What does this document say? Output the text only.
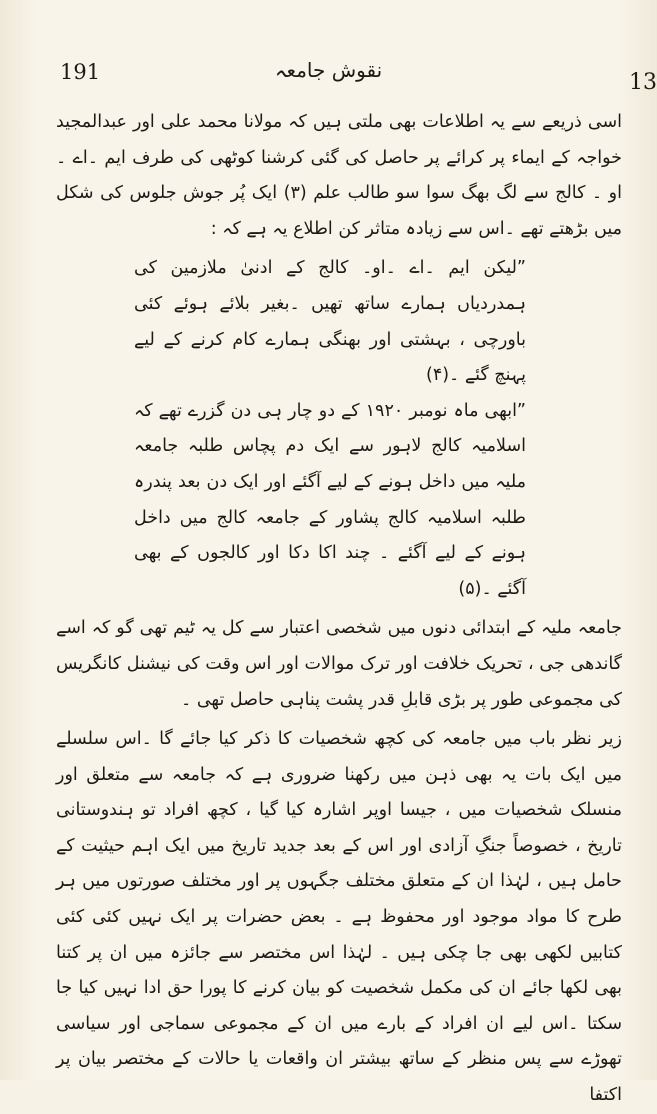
191	نقوش جامعہ	13

اسی ذریعے سے یہ اطلاعات بھی ملتی ہیں کہ مولانا محمد علی اور عبدالمجید خواجہ کے ایماء پر کرائے پر حاصل کی گئی کرشنا کوٹھی کی طرف ایم ۔اے ۔او ۔ کالج سے لگ بھگ سوا سو طالب علم (۳) ایک پُر جوش جلوس کی شکل میں بڑھتے تھے ۔اس سے زیادہ متاثر کن اطلاع یہ ہے کہ :

”لیکن ایم ۔اے ۔او۔ کالج کے ادنیٰ ملازمین کی ہمدردیاں ہمارے ساتھ تھیں ۔بغیر بلائے ہوئے کئی باورچی ، بہشتی اور بھنگی ہمارے کام کرنے کے لیے پہنچ گئے ۔(۴)

”ابھی ماہ نومبر ۱۹۲۰ کے دو چار ہی دن گزرے تھے کہ اسلامیہ کالج لاہور سے ایک دم پچاس طلبہ جامعہ ملیہ میں داخل ہونے کے لیے آگئے اور ایک دن بعد پندرہ طلبہ اسلامیہ کالج پشاور کے جامعہ کالج میں داخل ہونے کے لیے آگئے ۔ چند اکا دکا اور کالجوں کے بھی آگئے ۔(۵)

جامعہ ملیہ کے ابتدائی دنوں میں شخصی اعتبار سے کل یہ ٹیم تھی گو کہ اسے گاندھی جی ، تحریک خلافت اور ترک موالات اور اس وقت کی نیشنل کانگریس کی مجموعی طور پر بڑی قابلِ قدر پشت پناہی حاصل تھی ۔

زیر نظر باب میں جامعہ کی کچھ شخصیات کا ذکر کیا جائے گا ۔اس سلسلے میں ایک بات یہ بھی ذہن میں رکھنا ضروری ہے کہ جامعہ سے متعلق اور منسلک شخصیات میں ، جیسا اوپر اشارہ کیا گیا ، کچھ افراد تو ہندوستانی تاریخ ، خصوصاً جنگِ آزادی اور اس کے بعد جدید تاریخ میں ایک اہم حیثیت کے حامل ہیں ، لہٰذا ان کے متعلق مختلف جگہوں پر اور مختلف صورتوں میں ہر طرح کا مواد موجود اور محفوظ ہے ۔ بعض حضرات پر ایک نہیں کئی کئی کتابیں لکھی بھی جا چکی ہیں ۔ لہٰذا اس مختصر سے جائزہ میں ان پر کتنا بھی لکھا جائے ان کی مکمل شخصیت کو بیان کرنے کا پورا حق ادا نہیں کیا جا سکتا ۔اس لیے ان افراد کے بارے میں ان کے مجموعی سماجی اور سیاسی تھوڑے سے پس منظر کے ساتھ بیشتر ان واقعات یا حالات کے مختصر بیان پر اکتفا
